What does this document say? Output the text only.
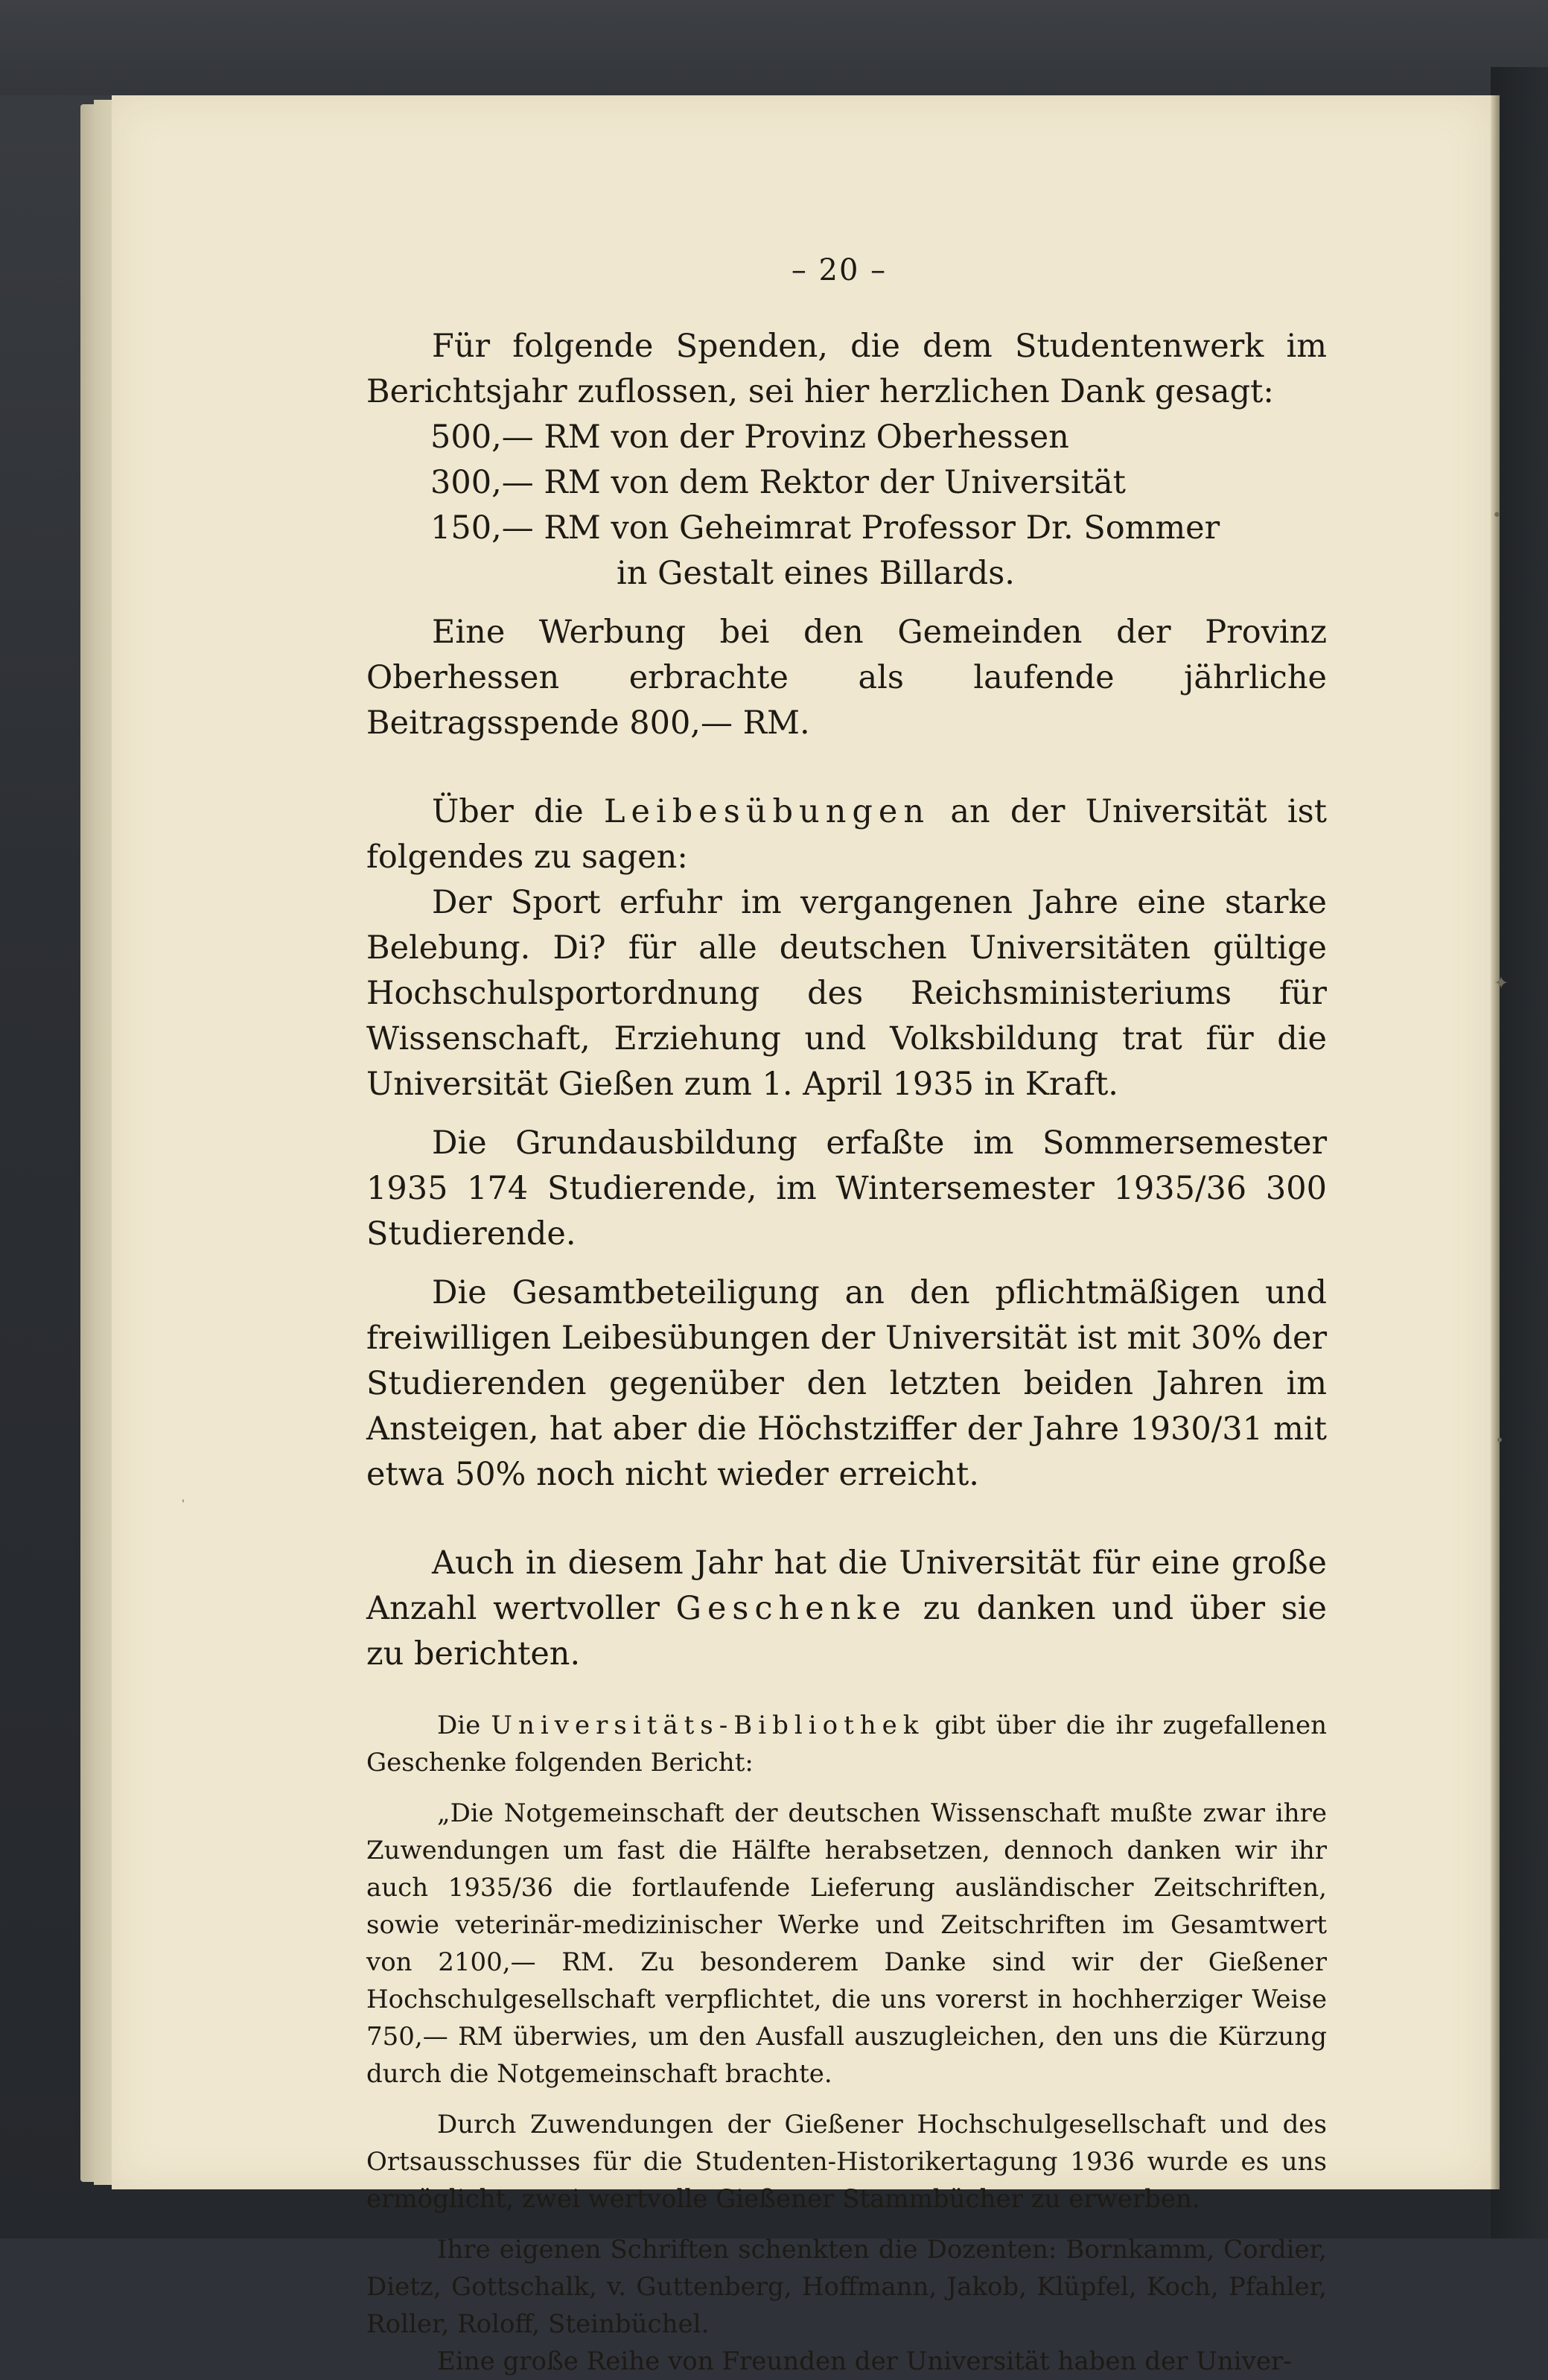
•
✦
•
'
– 20 –

Für folgende Spenden, die dem Studentenwerk im Berichtsjahr zuflossen, sei hier herzlichen Dank gesagt:

500,— RM von der Provinz Oberhessen
300,— RM von dem Rektor der Universität
150,— RM von Geheimrat Professor Dr. Sommer
in Gestalt eines Billards.

Eine Werbung bei den Gemeinden der Provinz Oberhessen erbrachte als laufende jährliche Beitragsspende 800,— RM.

Über die Leibesübungen an der Universität ist folgendes zu sagen:

Der Sport erfuhr im vergangenen Jahre eine starke Belebung. Di? für alle deutschen Universitäten gültige Hochschulsportordnung des Reichsministeriums für Wissenschaft, Erziehung und Volksbildung trat für die Universität Gießen zum 1. April 1935 in Kraft.

Die Grundausbildung erfaßte im Sommersemester 1935 174 Studierende, im Wintersemester 1935/36 300 Studierende.

Die Gesamtbeteiligung an den pflichtmäßigen und freiwilligen Leibesübungen der Universität ist mit 30% der Studierenden gegenüber den letzten beiden Jahren im Ansteigen, hat aber die Höchstziffer der Jahre 1930/31 mit etwa 50% noch nicht wieder erreicht.

Auch in diesem Jahr hat die Universität für eine große Anzahl wertvoller Geschenke zu danken und über sie zu berichten.

Die Universitäts-Bibliothek gibt über die ihr zugefallenen Geschenke folgenden Bericht:

„Die Notgemeinschaft der deutschen Wissenschaft mußte zwar ihre Zuwendungen um fast die Hälfte herabsetzen, dennoch danken wir ihr auch 1935/36 die fortlaufende Lieferung ausländischer Zeitschriften, sowie veterinär-medizinischer Werke und Zeitschriften im Gesamtwert von 2100,— RM. Zu besonderem Danke sind wir der Gießener Hochschulgesellschaft verpflichtet, die uns vorerst in hochherziger Weise 750,— RM überwies, um den Ausfall auszugleichen, den uns die Kürzung durch die Notgemeinschaft brachte.

Durch Zuwendungen der Gießener Hochschulgesellschaft und des Ortsausschusses für die Studenten-Historikertagung 1936 wurde es uns ermöglicht, zwei wertvolle Gießener Stammbücher zu erwerben.

Ihre eigenen Schriften schenkten die Dozenten: Bornkamm, Cordier, Dietz, Gottschalk, v. Guttenberg, Hoffmann, Jakob, Klüpfel, Koch, Pfahler, Roller, Roloff, Steinbüchel.

Eine große Reihe von Freunden der Universität haben der Univer-
